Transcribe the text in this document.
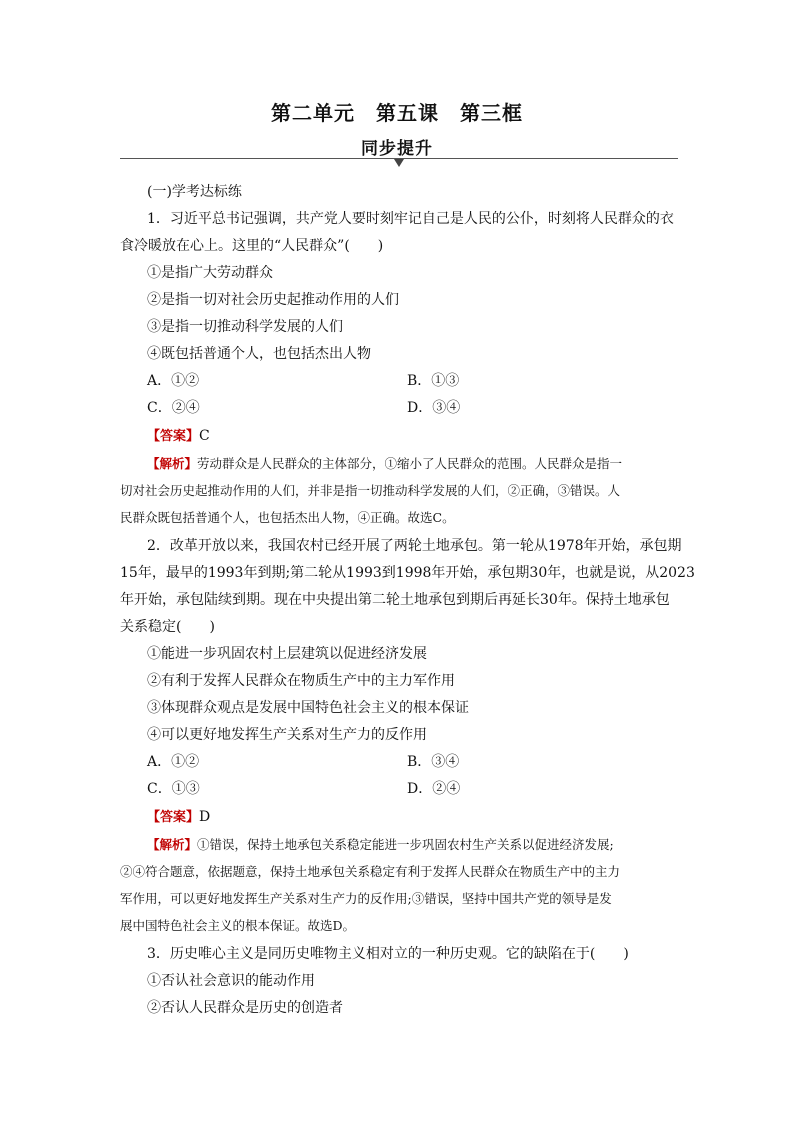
第二单元　第五课　第三框
同步提升
(一)学考达标练
1．习近平总书记强调，共产党人要时刻牢记自己是人民的公仆，时刻将人民群众的衣
食冷暖放在心上。这里的“人民群众”(　　)
①是指广大劳动群众
②是指一切对社会历史起推动作用的人们
③是指一切推动科学发展的人们
④既包括普通个人，也包括杰出人物
A．①②	B．①③
C．②④	D．③④
【答案】C
【解析】劳动群众是人民群众的主体部分，①缩小了人民群众的范围。人民群众是指一
切对社会历史起推动作用的人们，并非是指一切推动科学发展的人们，②正确，③错误。人
民群众既包括普通个人，也包括杰出人物，④正确。故选C。
2．改革开放以来，我国农村已经开展了两轮土地承包。第一轮从1978年开始，承包期
15年，最早的1993年到期;第二轮从1993到1998年开始，承包期30年，也就是说，从2023
年开始，承包陆续到期。现在中央提出第二轮土地承包到期后再延长30年。保持土地承包
关系稳定(　　)
①能进一步巩固农村上层建筑以促进经济发展
②有利于发挥人民群众在物质生产中的主力军作用
③体现群众观点是发展中国特色社会主义的根本保证
④可以更好地发挥生产关系对生产力的反作用
A．①②	B．③④
C．①③	D．②④
【答案】D
【解析】①错误，保持土地承包关系稳定能进一步巩固农村生产关系以促进经济发展;
②④符合题意，依据题意，保持土地承包关系稳定有利于发挥人民群众在物质生产中的主力
军作用，可以更好地发挥生产关系对生产力的反作用;③错误，坚持中国共产党的领导是发
展中国特色社会主义的根本保证。故选D。
3．历史唯心主义是同历史唯物主义相对立的一种历史观。它的缺陷在于(　　)
①否认社会意识的能动作用
②否认人民群众是历史的创造者
